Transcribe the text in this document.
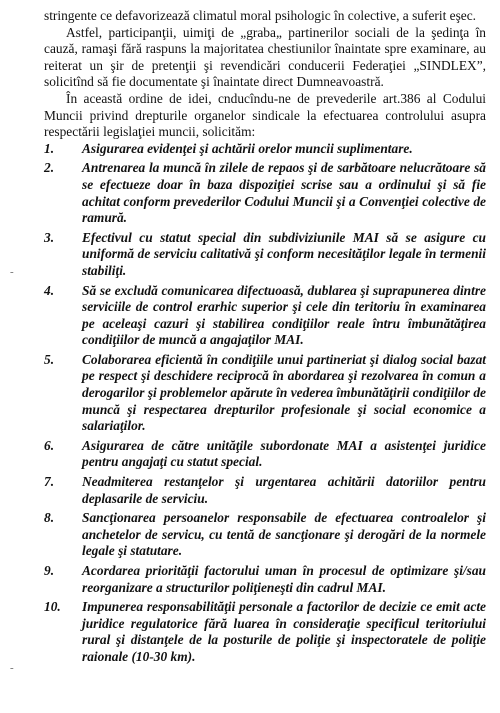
stringente ce defavorizează climatul moral psihologic în colective, a suferit eşec.

Astfel, participanţii, uimiţi de „graba„ partinerilor sociali de la şedinţa în cauză, ramaşi fără raspuns la majoritatea chestiunilor înaintate spre examinare, au reiterat un şir de pretenţii şi revendicări conducerii Federaţiei „SINDLEX”, solicitînd să fie documentate şi înaintate direct Dumneavoastră.

În această ordine de idei, cnducîndu-ne de prevederile art.386 al Codului Muncii privind drepturile organelor sindicale la efectuarea controlului asupra respectării legislaţiei muncii, solicităm:

1.	Asigurarea evidenţei şi achtării orelor muncii suplimentare.
2.	Antrenarea la muncă în zilele de repaos şi de sarbătoare nelucrătoare să se efectueze doar în baza dispoziţiei scrise sau a ordinului şi să fie achitat conform prevederilor Codului Muncii şi a Convenţiei colective de ramură.
3.	Efectivul cu statut special din subdiviziunile MAI să se asigure cu uniformă de serviciu calitativă şi conform necesităţilor legale în termenii stabiliţi.
4.	Să se excludă comunicarea difectuoasă, dublarea şi suprapunerea dintre serviciile de control erarhic superior şi cele din teritoriu în examinarea pe aceleaşi cazuri şi stabilirea condiţiilor reale întru îmbunătăţirea condiţiilor de muncă a angajaţilor MAI.
5.	Colaborarea eficientă în condiţiile unui partineriat şi dialog social bazat pe respect şi deschidere reciprocă în abordarea şi rezolvarea în comun a derogarilor şi problemelor apărute în vederea îmbunătăţirii condiţiilor de muncă şi respectarea drepturilor profesionale şi social economice a salariaţilor.
6.	Asigurarea de către unităţile subordonate MAI a asistenţei juridice pentru angajaţi cu statut special.
7.	Neadmiterea restanţelor şi urgentarea achitării datoriilor pentru deplasarile de serviciu.
8.	Sancţionarea persoanelor responsabile de efectuarea controalelor şi anchetelor de servicu, cu tentă de sancţionare şi derogări de la normele legale şi statutare.
9.	Acordarea priorităţii factorului uman în procesul de optimizare şi/sau reorganizare a structurilor poliţieneşti din cadrul MAI.
10.	Impunerea responsabilităţii personale a factorilor de decizie ce emit acte juridice regulatorice fără luarea în consideraţie specificul teritoriului rural şi distanţele de la posturile de poliţie şi inspectoratele de poliţie raionale (10-30 km).
-
-
